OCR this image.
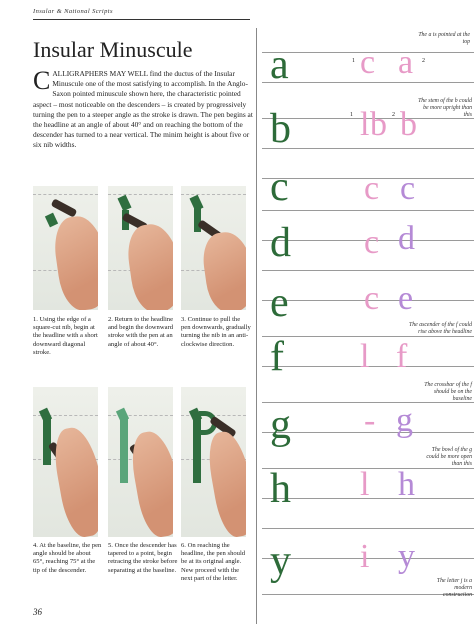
Insular & National Scripts
Insular Minuscule
C ALLIGRAPHERS MAY WELL find the ductus of the Insular Minuscule one of the most satisfying to accomplish. In the Anglo-Saxon pointed minuscule shown here, the characteristic pointed aspect – most noticeable on the descenders – is created by progressively turning the pen to a steeper angle as the stroke is drawn. The pen begins at the headline at an angle of about 40° and on reaching the bottom of the descender has turned to a near vertical. The minim height is about five or six nib widths.
1. Using the edge of a square-cut nib, begin at the headline with a short downward diagonal stroke.
2. Return to the headline and begin the downward stroke with the pen at an angle of about 40°.
3. Continue to pull the pen downwards, gradually turning the nib in an anti-clockwise direction.
4. At the baseline, the pen angle should be about 65°, reaching 75° at the tip of the descender.
5. Once the descender has tapered to a point, begin retracing the stroke before separating at the baseline.
6. On reaching the headline, the pen should be at its original angle. New proceed with the next part of the letter.
36
a
b
c
d
e
f
g
h
y
c a
1	2
l b b
1	2
c c
c d
c e
l f
- g
l h
i y
The a is pointed at the top
The stem of the b could be more upright than this
The ascender of the f could rise above the headline
The crossbar of the f should be on the baseline
The bowl of the g could be more open than this
The letter j is a modern construction
